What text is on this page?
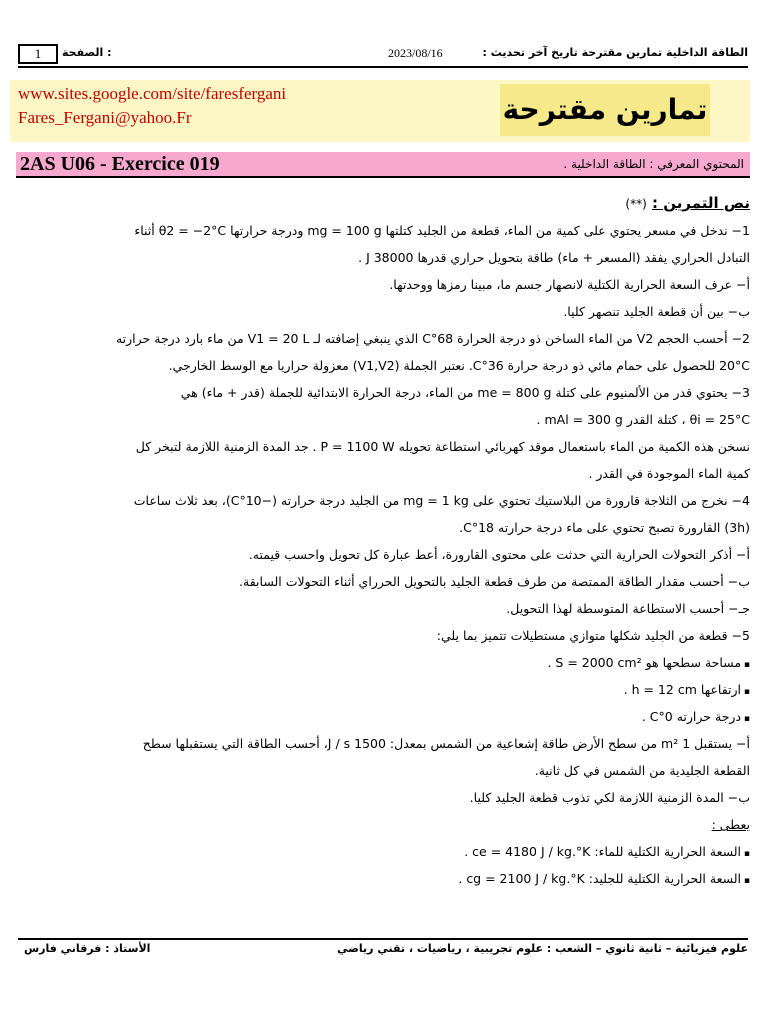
1	الصفحة :	2023/08/16	الطاقة الداخلية تمارين مقترحة تاريخ آخر تحديث :
www.sites.google.com/site/faresfergani
Fares_Fergani@yahoo.Fr	تمارين مقترحة
2AS U06 - Exercice 019	المحتوي المعرفي : الطاقة الداخلية .
نص التمرين : (**)
1− ندخل في مسعر يحتوي على كمية من الماء، قطعة من الجليد كتلتها mg = 100 g ودرجة حرارتها θ2 = −2°C أثناء
التبادل الحراري يفقد (المسعر + ماء) طاقة بتحويل حراري قدرها 38000 J .
أ− عرف السعة الحرارية الكتلية لانصهار جسم ما، مبينا رمزها ووحدتها.
ب− بين أن قطعة الجليد تنصهر كليا.
2− أحسب الحجم V2 من الماء الساخن ذو درجة الحرارة 68°C الذي ينبغي إضافته لـ V1 = 20 L من ماء بارد درجة حرارته
20°C للحصول على حمام مائي ذو درجة حرارة 36°C. نعتبر الجملة (V1,V2) معزولة حراريا مع الوسط الخارجي.
3− يحتوي قدر من الألمنيوم على كتلة me = 800 g من الماء، درجة الحرارة الابتدائية للجملة (قدر + ماء) هي
θi = 25°C ، كتلة القدر mAl = 300 g .
نسخن هذه الكمية من الماء باستعمال موقد كهربائي استطاعة تحويله P = 1100 W . جد المدة الزمنية اللازمة لتبخر كل
كمية الماء الموجودة في القدر .
4− نخرج من الثلاجة قارورة من البلاستيك تحتوي على mg = 1 kg من الجليد درجة حرارته (−10°C)، بعد ثلاث ساعات
(3h) القارورة تصبح تحتوي على ماء درجة حرارته 18°C.
أ− أذكر التحولات الحرارية التي حدثت على محتوى القارورة، أعط عبارة كل تحويل واحسب قيمته.
ب− أحسب مقدار الطاقة الممتصة من طرف قطعة الجليد بالتحويل الحرراي أثناء التحولات السابقة.
جـ− أحسب الاستطاعة المتوسطة لهذا التحويل.
5− قطعة من الجليد شكلها متوازي مستطيلات تتميز بما يلي:
▪ مساحة سطحها هو S = 2000 cm² .
▪ ارتفاعها h = 12 cm .
▪ درجة حرارته 0°C .
أ− يستقبل 1 m² من سطح الأرض طاقة إشعاعية من الشمس بمعدل: 1500 J / s، أحسب الطاقة التي يستقبلها سطح
القطعة الجليدية من الشمس في كل ثانية.
ب− المدة الزمنية اللازمة لكي تذوب قطعة الجليد كليا.
يعطى :
▪ السعة الحرارية الكتلية للماء: ce = 4180 J / kg.°K .
▪ السعة الحرارية الكتلية للجليد: cg = 2100 J / kg.°K .
علوم فيزيائية – ثانية ثانوي – الشعب : علوم تجريبية ، رياضيات ، تقني رياضي
الأستاذ : فرقاني فارس
